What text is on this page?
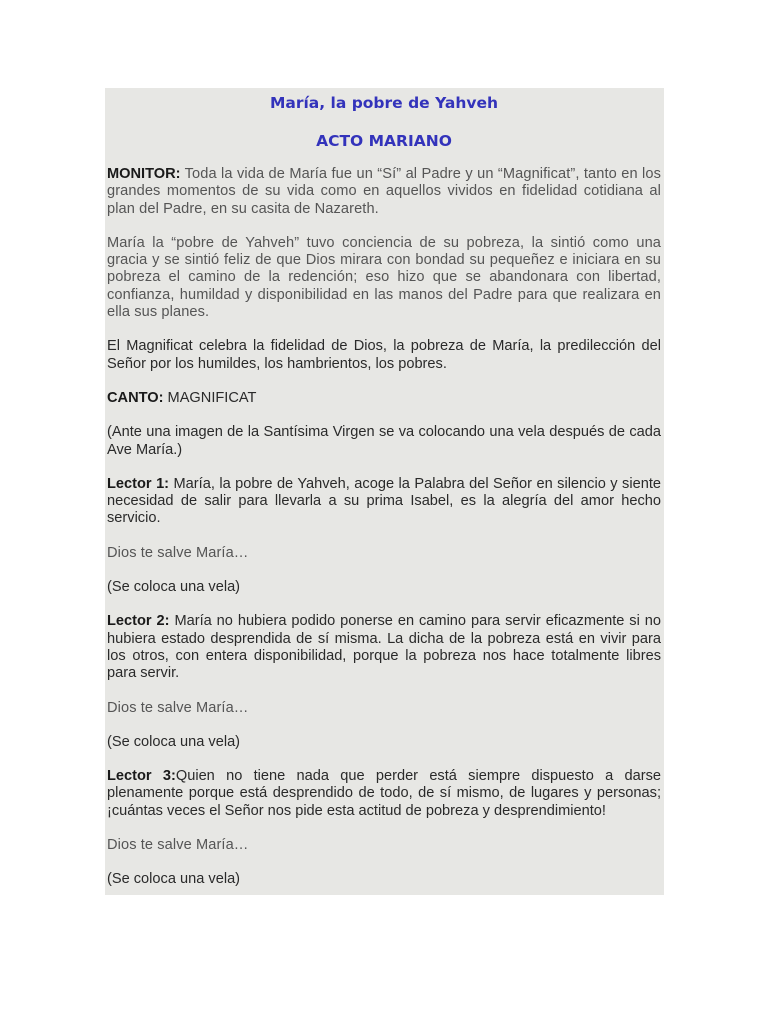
María, la pobre de Yahveh
ACTO MARIANO

MONITOR: Toda la vida de María fue un “Sí” al Padre y un “Magnificat”, tanto en los grandes momentos de su vida como en aquellos vividos en fidelidad cotidiana al plan del Padre, en su casita de Nazareth.

María la “pobre de Yahveh” tuvo conciencia de su pobreza, la sintió como una gracia y se sintió feliz de que Dios mirara con bondad su pequeñez e iniciara en su pobreza el camino de la redención; eso hizo que se abandonara con libertad, confianza, humildad y disponibilidad en las manos del Padre para que realizara en ella sus planes.

El Magnificat celebra la fidelidad de Dios, la pobreza de María, la predilección del Señor por los humildes, los hambrientos, los pobres.

CANTO: MAGNIFICAT

(Ante una imagen de la Santísima Virgen se va colocando una vela después de cada Ave María.)

Lector 1: María, la pobre de Yahveh, acoge la Palabra del Señor en silencio y siente necesidad de salir para llevarla a su prima Isabel, es la alegría del amor hecho servicio.

Dios te salve María…

(Se coloca una vela)

Lector 2: María no hubiera podido ponerse en camino para servir eficazmente si no hubiera estado desprendida de sí misma. La dicha de la pobreza está en vivir para los otros, con entera disponibilidad, porque la pobreza nos hace totalmente libres para servir.

Dios te salve María…

(Se coloca una vela)

Lector 3:Quien no tiene nada que perder está siempre dispuesto a darse plenamente porque está desprendido de todo, de sí mismo, de lugares y personas; ¡cuántas veces el Señor nos pide esta actitud de pobreza y desprendimiento!

Dios te salve María…

(Se coloca una vela)
